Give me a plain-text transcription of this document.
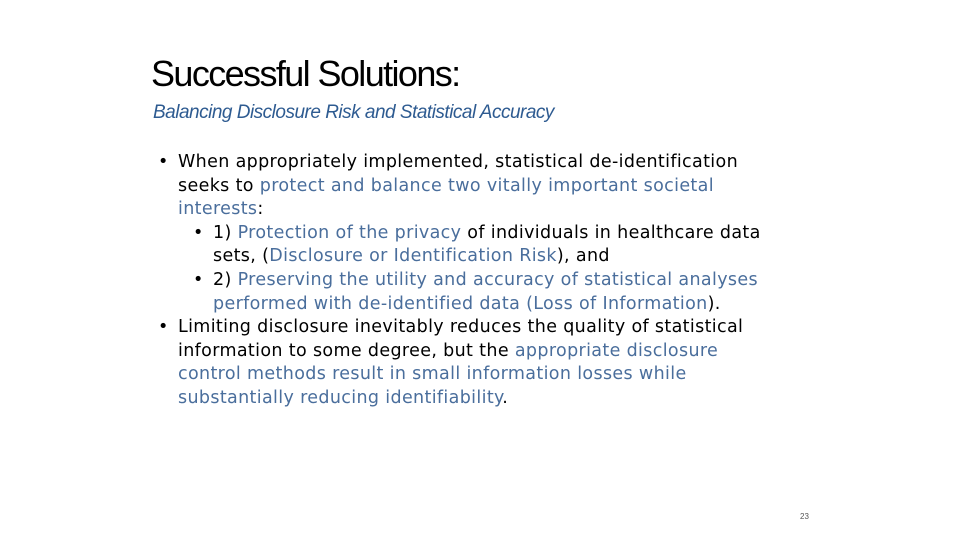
Successful Solutions:
Balancing Disclosure Risk and Statistical Accuracy
• When appropriately implemented, statistical de-identification
seeks to protect and balance two vitally important societal
interests:
• 1) Protection of the privacy of individuals in healthcare data
sets, (Disclosure or Identification Risk), and
• 2) Preserving the utility and accuracy of statistical analyses
performed with de-identified data (Loss of Information).
• Limiting disclosure inevitably reduces the quality of statistical
information to some degree, but the appropriate disclosure
control methods result in small information losses while
substantially reducing identifiability.
23
